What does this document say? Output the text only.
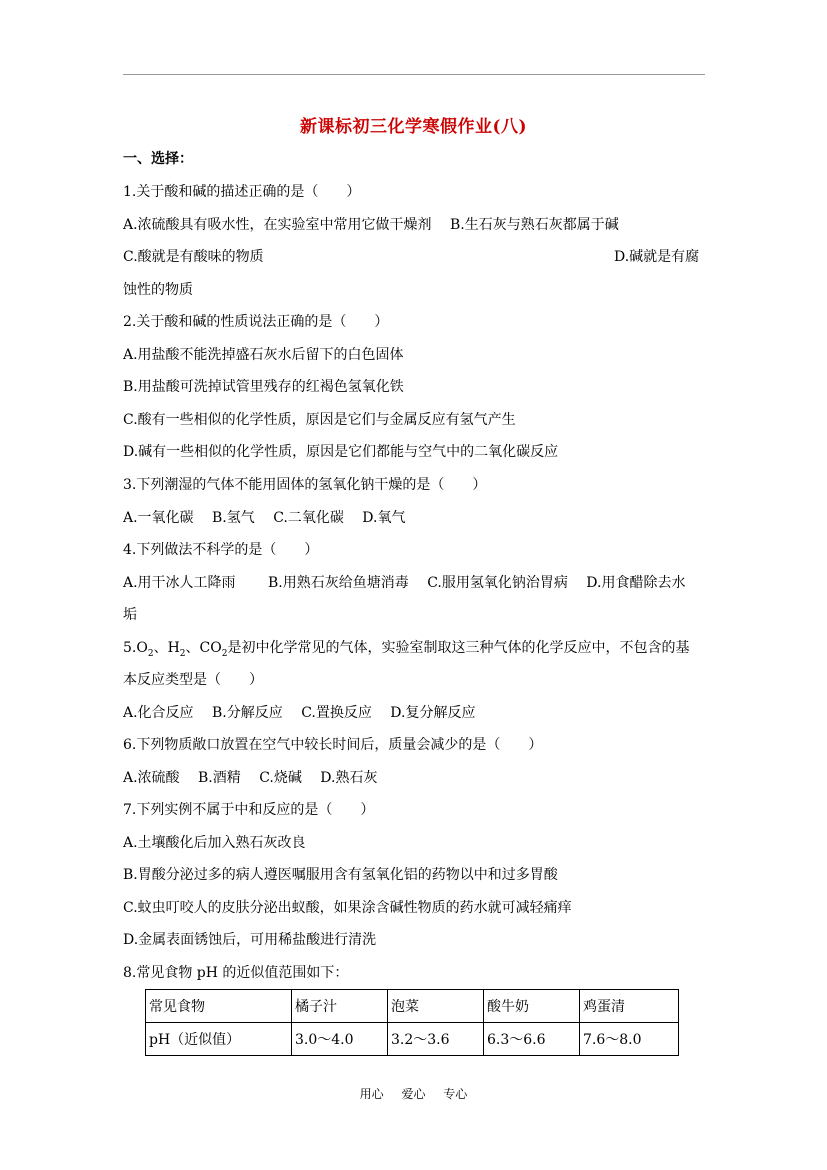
新课标初三化学寒假作业(八)
一、选择：
1.关于酸和碱的描述正确的是（　　）
A.浓硫酸具有吸水性，在实验室中常用它做干燥剂　 B.生石灰与熟石灰都属于碱
C.酸就是有酸味的物质	D.碱就是有腐
蚀性的物质
2.关于酸和碱的性质说法正确的是（　　）
A.用盐酸不能洗掉盛石灰水后留下的白色固体
B.用盐酸可洗掉试管里残存的红褐色氢氧化铁
C.酸有一些相似的化学性质，原因是它们与金属反应有氢气产生
D.碱有一些相似的化学性质，原因是它们都能与空气中的二氧化碳反应
3.下列潮湿的气体不能用固体的氢氧化钠干燥的是（　　）
A.一氧化碳　 B.氢气　 C.二氧化碳　 D.氧气
4.下列做法不科学的是（　　）
A.用干冰人工降雨　　 B.用熟石灰给鱼塘消毒　 C.服用氢氧化钠治胃病　 D.用食醋除去水
垢
$5.O_2$、$H_2$、$CO_2$是初中化学常见的气体，实验室制取这三种气体的化学反应中，不包含的基
本反应类型是（　　）
A.化合反应　 B.分解反应　 C.置换反应　 D.复分解反应
6.下列物质敞口放置在空气中较长时间后，质量会减少的是（　　）
A.浓硫酸　 B.酒精　 C.烧碱　 D.熟石灰
7.下列实例不属于中和反应的是（　　）
A.土壤酸化后加入熟石灰改良
B.胃酸分泌过多的病人遵医嘱服用含有氢氧化铝的药物以中和过多胃酸
C.蚊虫叮咬人的皮肤分泌出蚁酸，如果涂含碱性物质的药水就可减轻痛痒
D.金属表面锈蚀后，可用稀盐酸进行清洗
8.常见食物 pH 的近似值范围如下：
常见食物	橘子汁	泡菜	酸牛奶	鸡蛋清
pH（近似值）	3.0～4.0	3.2～3.6	6.3～6.6	7.6～8.0
用心 爱心 专心
